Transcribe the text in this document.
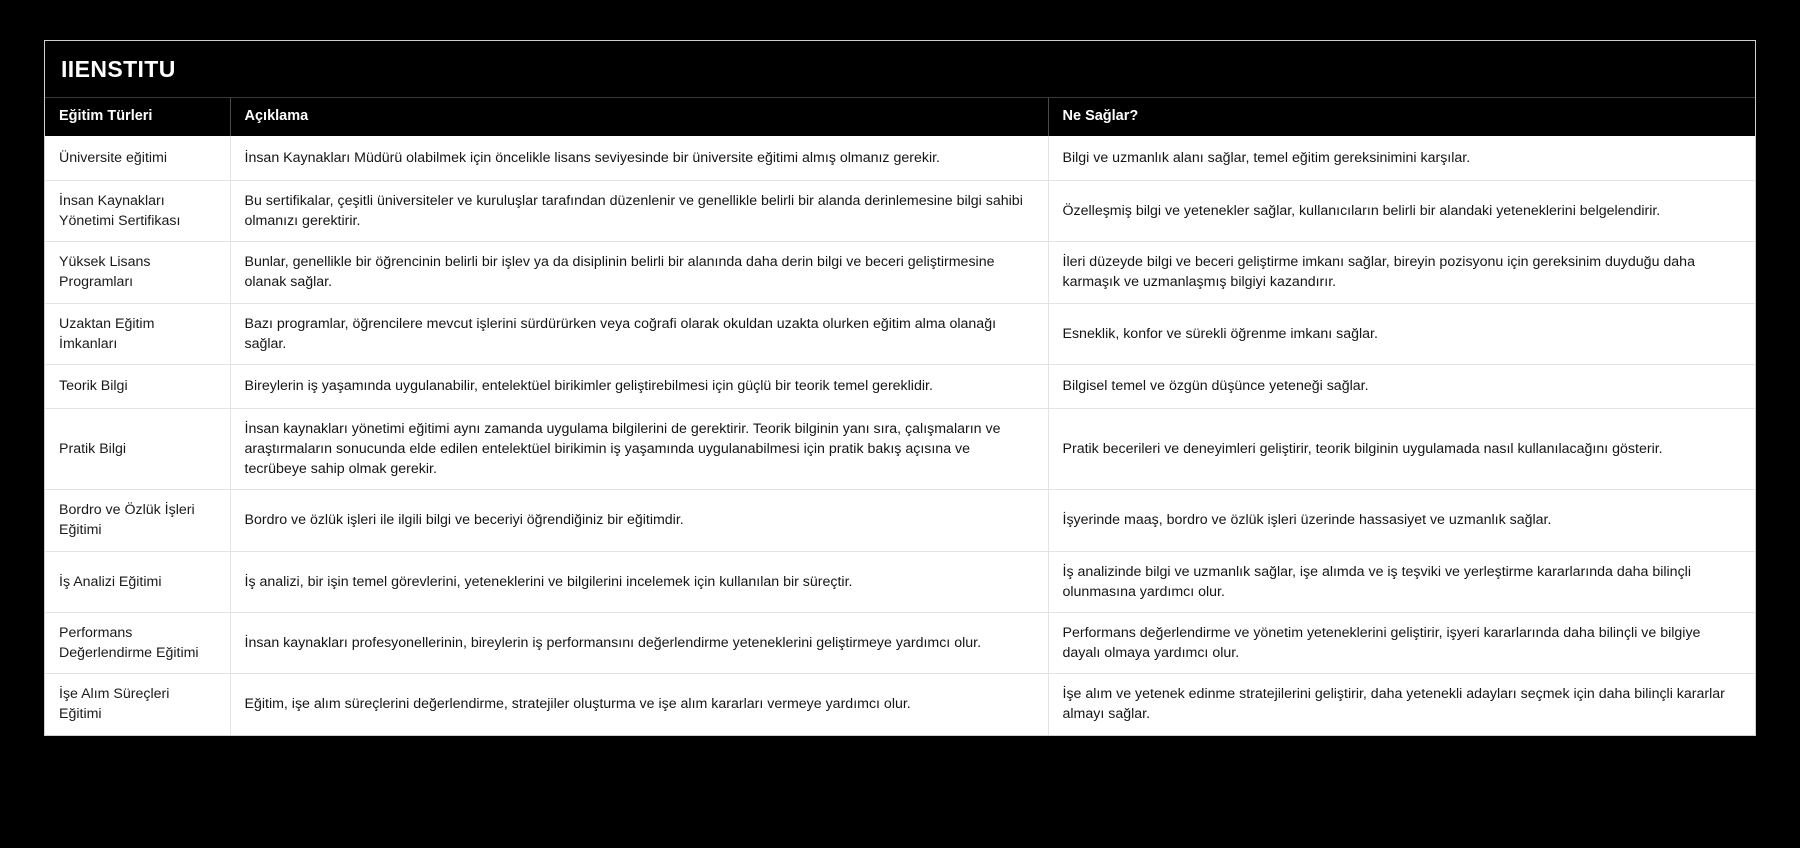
IIENSTITU
Eğitim Türleri	Açıklama	Ne Sağlar?
Üniversite eğitimi	İnsan Kaynakları Müdürü olabilmek için öncelikle lisans seviyesinde bir üniversite eğitimi almış olmanız gerekir.	Bilgi ve uzmanlık alanı sağlar, temel eğitim gereksinimini karşılar.
İnsan Kaynakları Yönetimi Sertifikası	Bu sertifikalar, çeşitli üniversiteler ve kuruluşlar tarafından düzenlenir ve genellikle belirli bir alanda derinlemesine bilgi sahibi olmanızı gerektirir.	Özelleşmiş bilgi ve yetenekler sağlar, kullanıcıların belirli bir alandaki yeteneklerini belgelendirir.
Yüksek Lisans Programları	Bunlar, genellikle bir öğrencinin belirli bir işlev ya da disiplinin belirli bir alanında daha derin bilgi ve beceri geliştirmesine olanak sağlar.	İleri düzeyde bilgi ve beceri geliştirme imkanı sağlar, bireyin pozisyonu için gereksinim duyduğu daha karmaşık ve uzmanlaşmış bilgiyi kazandırır.
Uzaktan Eğitim İmkanları	Bazı programlar, öğrencilere mevcut işlerini sürdürürken veya coğrafi olarak okuldan uzakta olurken eğitim alma olanağı sağlar.	Esneklik, konfor ve sürekli öğrenme imkanı sağlar.
Teorik Bilgi	Bireylerin iş yaşamında uygulanabilir, entelektüel birikimler geliştirebilmesi için güçlü bir teorik temel gereklidir.	Bilgisel temel ve özgün düşünce yeteneği sağlar.
Pratik Bilgi	İnsan kaynakları yönetimi eğitimi aynı zamanda uygulama bilgilerini de gerektirir. Teorik bilginin yanı sıra, çalışmaların ve araştırmaların sonucunda elde edilen entelektüel birikimin iş yaşamında uygulanabilmesi için pratik bakış açısına ve tecrübeye sahip olmak gerekir.	Pratik becerileri ve deneyimleri geliştirir, teorik bilginin uygulamada nasıl kullanılacağını gösterir.
Bordro ve Özlük İşleri Eğitimi	Bordro ve özlük işleri ile ilgili bilgi ve beceriyi öğrendiğiniz bir eğitimdir.	İşyerinde maaş, bordro ve özlük işleri üzerinde hassasiyet ve uzmanlık sağlar.
İş Analizi Eğitimi	İş analizi, bir işin temel görevlerini, yeteneklerini ve bilgilerini incelemek için kullanılan bir süreçtir.	İş analizinde bilgi ve uzmanlık sağlar, işe alımda ve iş teşviki ve yerleştirme kararlarında daha bilinçli olunmasına yardımcı olur.
Performans Değerlendirme Eğitimi	İnsan kaynakları profesyonellerinin, bireylerin iş performansını değerlendirme yeteneklerini geliştirmeye yardımcı olur.	Performans değerlendirme ve yönetim yeteneklerini geliştirir, işyeri kararlarında daha bilinçli ve bilgiye dayalı olmaya yardımcı olur.
İşe Alım Süreçleri Eğitimi	Eğitim, işe alım süreçlerini değerlendirme, stratejiler oluşturma ve işe alım kararları vermeye yardımcı olur.	İşe alım ve yetenek edinme stratejilerini geliştirir, daha yetenekli adayları seçmek için daha bilinçli kararlar almayı sağlar.
